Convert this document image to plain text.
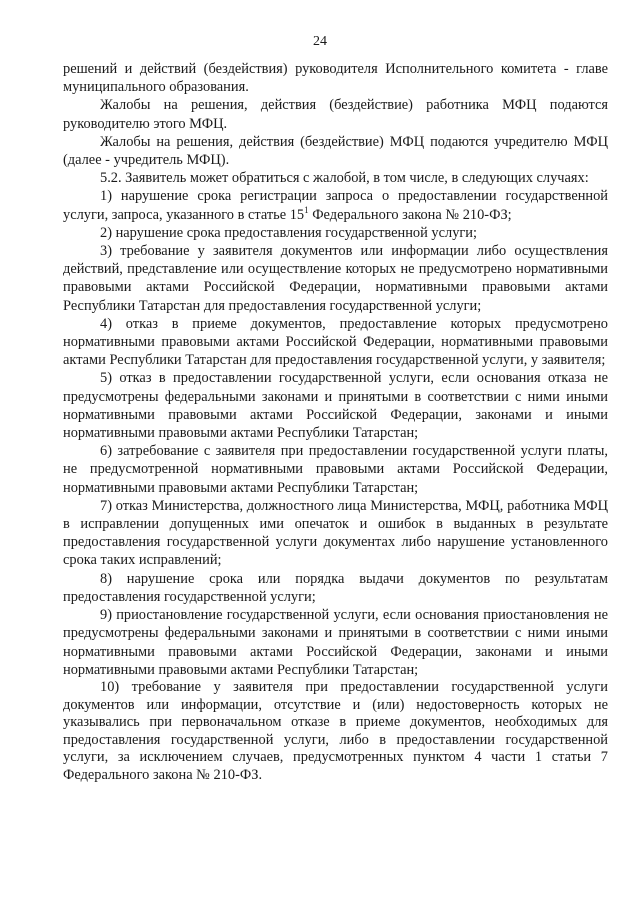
24

решений и действий (бездействия) руководителя Исполнительного комитета - главе муниципального образования.

Жалобы на решения, действия (бездействие) работника МФЦ подаются руководителю этого МФЦ.

Жалобы на решения, действия (бездействие) МФЦ подаются учредителю МФЦ (далее - учредитель МФЦ).

5.2. Заявитель может обратиться с жалобой, в том числе, в следующих случаях:

1) нарушение срока регистрации запроса о предоставлении государственной услуги, запроса, указанного в статье $15^1$ Федерального закона № 210-ФЗ;

2) нарушение срока предоставления государственной услуги;

3) требование у заявителя документов или информации либо осуществления действий, представление или осуществление которых не предусмотрено нормативными правовыми актами Российской Федерации, нормативными правовыми актами Республики Татарстан для предоставления государственной услуги;

4) отказ в приеме документов, предоставление которых предусмотрено нормативными правовыми актами Российской Федерации, нормативными правовыми актами Республики Татарстан для предоставления государственной услуги, у заявителя;

5) отказ в предоставлении государственной услуги, если основания отказа не предусмотрены федеральными законами и принятыми в соответствии с ними иными нормативными правовыми актами Российской Федерации, законами и иными нормативными правовыми актами Республики Татарстан;

6) затребование с заявителя при предоставлении государственной услуги платы, не предусмотренной нормативными правовыми актами Российской Федерации, нормативными правовыми актами Республики Татарстан;

7) отказ Министерства, должностного лица Министерства, МФЦ, работника МФЦ в исправлении допущенных ими опечаток и ошибок в выданных в результате предоставления государственной услуги документах либо нарушение установленного срока таких исправлений;

8) нарушение срока или порядка выдачи документов по результатам предоставления государственной услуги;

9) приостановление государственной услуги, если основания приостановления не предусмотрены федеральными законами и принятыми в соответствии с ними иными нормативными правовыми актами Российской Федерации, законами и иными нормативными правовыми актами Республики Татарстан;

10) требование у заявителя при предоставлении государственной услуги документов или информации, отсутствие и (или) недостоверность которых не указывались при первоначальном отказе в приеме документов, необходимых для предоставления государственной услуги, либо в предоставлении государственной услуги, за исключением случаев, предусмотренных пунктом 4 части 1 статьи 7 Федерального закона № 210-ФЗ.
